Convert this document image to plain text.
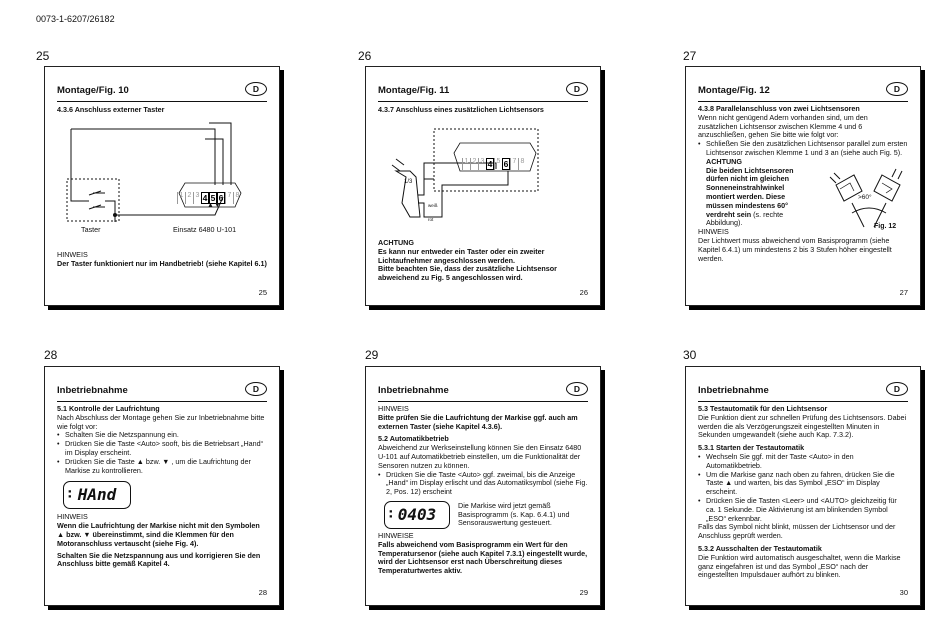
0073-1-6207/26182
25
Montage/Fig. 10	D
4.3.6 Anschluss externer Taster
1 2 3 4 5 6 7 8
▲▼
Taster	Einsatz 6480 U-101
HINWEIS
Der Taster funktioniert nur im Handbetrieb! (siehe Kapitel 6.1)
25
26
Montage/Fig. 11	D
4.3.7 Anschluss eines zusätzlichen Lichtsensors
1 2 3 4 5 6 7 8
1/3
weiß
rot
ACHTUNG
Es kann nur entweder ein Taster oder ein zweiter Lichtaufnehmer angeschlossen werden.
Bitte beachten Sie, dass der zusätzliche Lichtsensor abweichend zu Fig. 5 angeschlossen wird.
26
27
Montage/Fig. 12	D
4.3.8 Parallelanschluss von zwei Lichtsensoren
Wenn nicht genügend Adern vorhanden sind, um den zusätzlichen Lichtsensor zwischen Klemme 4 und 6 anzuschließen, gehen Sie bitte wie folgt vor:
• Schließen Sie den zusätzlichen Lichtsensor parallel zum ersten Lichtsensor zwischen Klemme 1 und 3 an (siehe auch Fig. 5).
ACHTUNG
Die beiden Lichtsensoren dürfen nicht im gleichen Sonneneinstrahlwinkel montiert werden. Diese müssen mindestens 60° verdreht sein (s. rechte Abbildung).
HINWEIS
Der Lichtwert muss abweichend vom Basisprogramm (siehe Kapitel 6.4.1) um mindestens 2 bis 3 Stufen höher eingestellt werden.
>60°
Fig. 12
27
28
Inbetriebnahme	D
5.1 Kontrolle der Laufrichtung
Nach Abschluss der Montage gehen Sie zur Inbetriebnahme bitte wie folgt vor:
• Schalten Sie die Netzspannung ein.
• Drücken Sie die Taste <Auto> sooft, bis die Betriebsart „Hand“ im Display erscheint.
• Drücken Sie die Taste ▲ bzw. ▼ , um die Laufrichtung der Markise zu kontrollieren.
▪
▪ HAnd
HINWEIS
Wenn die Laufrichtung der Markise nicht mit den Symbolen ▲ bzw. ▼ übereinstimmt, sind die Klemmen für den Motoranschluss vertauscht (siehe Fig. 4).
Schalten Sie die Netzspannung aus und korrigieren Sie den Anschluss bitte gemäß Kapitel 4.
28
29
Inbetriebnahme	D
HINWEIS
Bitte prüfen Sie die Laufrichtung der Markise ggf. auch am externen Taster (siehe Kapitel 4.3.6).
5.2 Automatikbetrieb
Abweichend zur Werkseinstellung können Sie den Einsatz 6480 U-101 auf Automatikbetrieb einstellen, um die Funktionalität der Sensoren nutzen zu können.
• Drücken Sie die Taste <Auto> ggf. zweimal, bis die Anzeige „Hand“ im Display erlischt und das Automatiksymbol (siehe Fig. 2, Pos. 12) erscheint
▪
▪ 0403	Die Markise wird jetzt gemäß Basisprogramm (s. Kap. 6.4.1) und Sensorauswertung gesteuert.
HINWEISE
Falls abweichend vom Basisprogramm ein Wert für den Temperatursenor (siehe auch Kapitel 7.3.1) eingestellt wurde, wird der Lichtsensor erst nach Überschreitung dieses Temperaturtwertes aktiv.
29
30
Inbetriebnahme	D
5.3 Testautomatik für den Lichtsensor
Die Funktion dient zur schnellen Prüfung des Lichtsensors. Dabei werden die als Verzögerungszeit eingestellten Minuten in Sekunden umgewandelt (siehe auch Kap. 7.3.2).
5.3.1 Starten der Testautomatik
• Wechseln Sie ggf. mit der Taste <Auto> in den Automatikbetrieb.
• Um die Markise ganz nach oben zu fahren, drücken Sie die Taste ▲ und warten, bis das Symbol „ESO“ im Display erscheint.
• Drücken Sie die Tasten <Leer> und <AUTO> gleichzeitig für ca. 1 Sekunde. Die Aktivierung ist am blinkenden Symbol „ESO“ erkennbar.
Falls das Symbol nicht blinkt, müssen der Lichtsensor und der Anschluss geprüft werden.
5.3.2 Ausschalten der Testautomatik
Die Funktion wird automatisch ausgeschaltet, wenn die Markise ganz eingefahren ist und das Symbol „ESO“ nach der eingestellten Impulsdauer aufhört zu blinken.
30
